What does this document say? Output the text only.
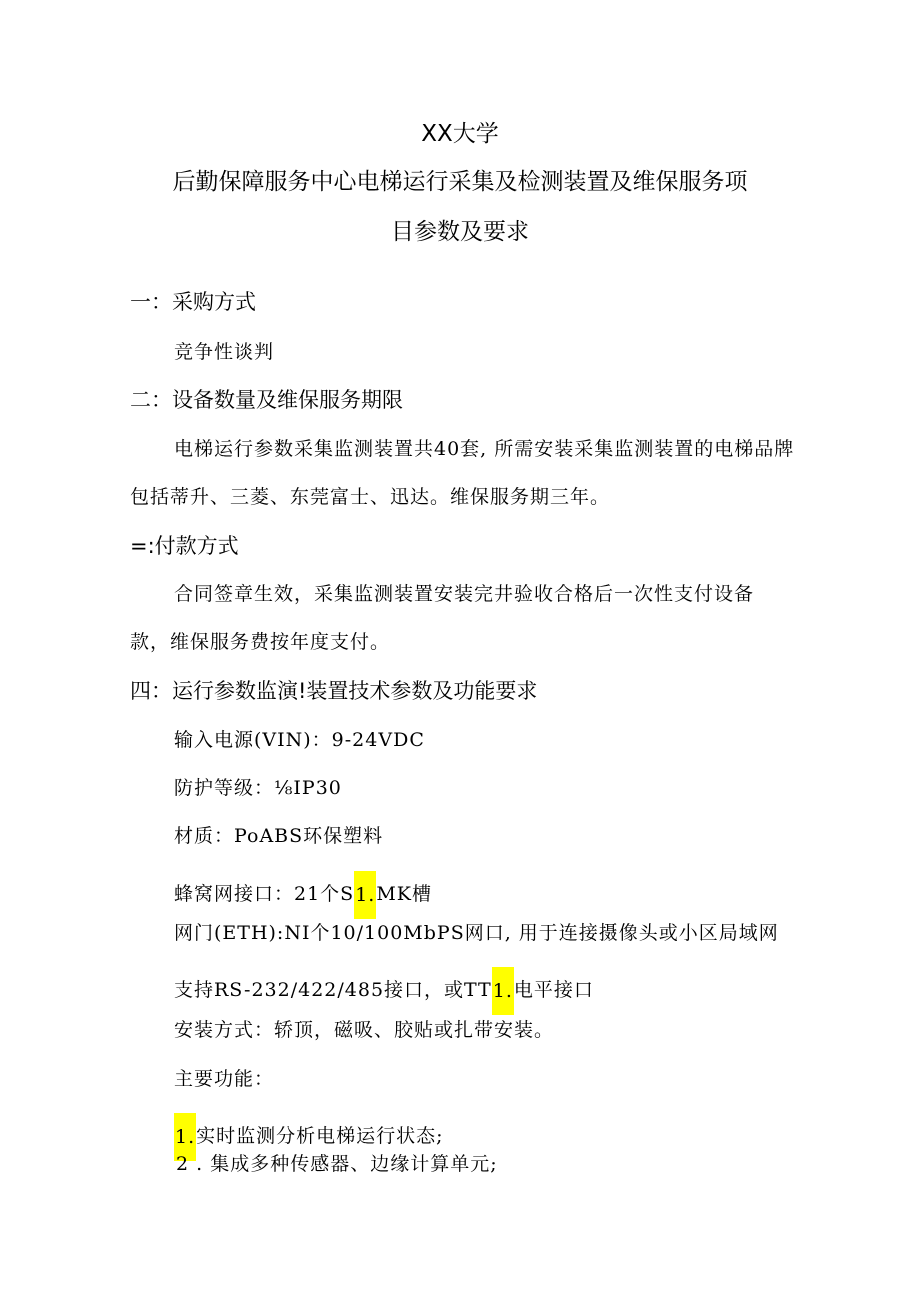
XX大学
后勤保障服务中心电梯运行采集及检测装置及维保服务项
目参数及要求
一：采购方式
竞争性谈判
二：设备数量及维保服务期限
电梯运行参数采集监测装置共40套, 所需安装采集监测装置的电梯品牌
包括蒂升、三菱、东莞富士、迅达。维保服务期三年。
=:付款方式
合同签章生效，采集监测装置安装完井验收合格后一次性支付设备
款，维保服务费按年度支付。
四：运行参数监演!装置技术参数及功能要求
输入电源(VIN)：9-24VDC
防护等级：⅛IP30
材质：PoABS环保塑料
蜂窝网接口：21个S1.MK槽
网门(ETH):NI个10/100MbPS网口, 用于连接摄像头或小区局域网
支持RS-232/422/485接口，或TT1.电平接口
安装方式：轿顶，磁吸、胶贴或扎带安装。
主要功能：
1.实时监测分析电梯运行状态;
2 . 集成多种传感器、边缘计算单元;
